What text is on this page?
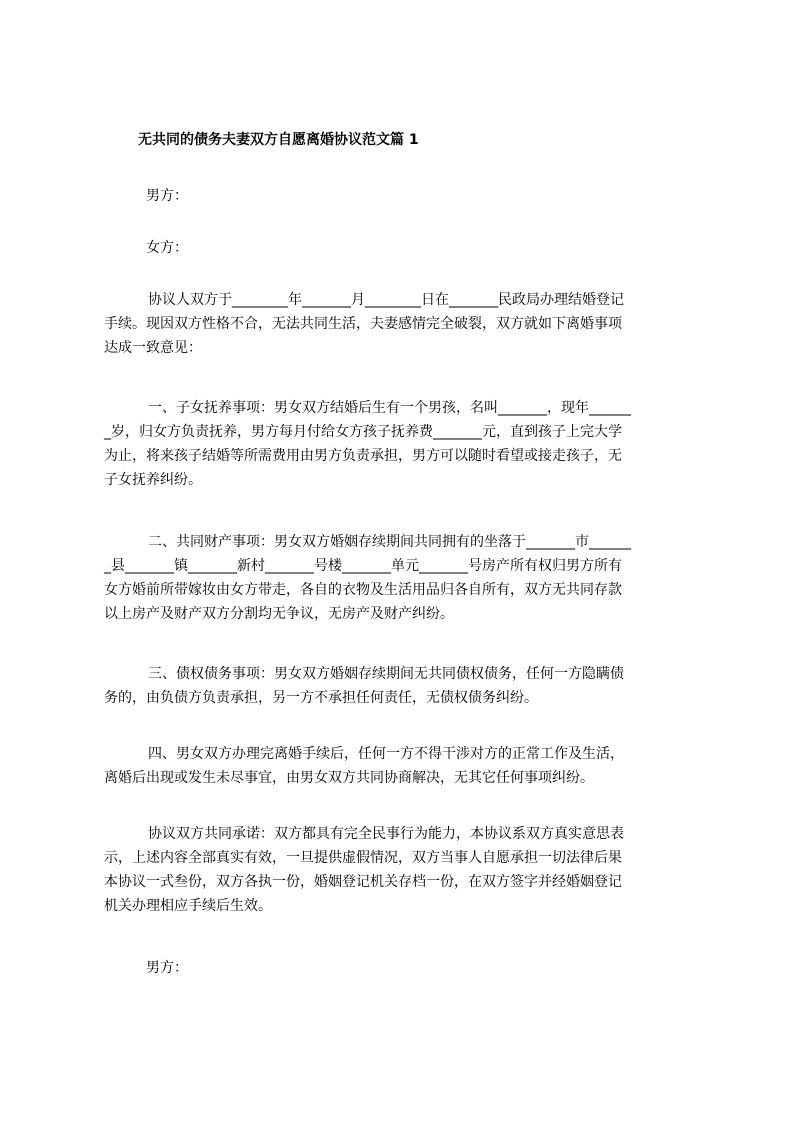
无共同的债务夫妻双方自愿离婚协议范文篇 1
男方：
女方：
协议人双方于________年_______月________日在_______民政局办理结婚登记
手续。现因双方性格不合，无法共同生活，夫妻感情完全破裂，双方就如下离婚事项
达成一致意见：
一、子女抚养事项：男女双方结婚后生有一个男孩，名叫_______，现年______
_岁，归女方负责抚养，男方每月付给女方孩子抚养费_______元，直到孩子上完大学
为止，将来孩子结婚等所需费用由男方负责承担，男方可以随时看望或接走孩子，无
子女抚养纠纷。
二、共同财产事项：男女双方婚姻存续期间共同拥有的坐落于_______市______
_县_______镇_______新村_______号楼_______单元_______号房产所有权归男方所有
女方婚前所带嫁妆由女方带走，各自的衣物及生活用品归各自所有，双方无共同存款
以上房产及财产双方分割均无争议，无房产及财产纠纷。
三、债权债务事项：男女双方婚姻存续期间无共同债权债务，任何一方隐瞒债
务的，由负债方负责承担，另一方不承担任何责任，无债权债务纠纷。
四、男女双方办理完离婚手续后，任何一方不得干涉对方的正常工作及生活，
离婚后出现或发生未尽事宜，由男女双方共同协商解决，无其它任何事项纠纷。
协议双方共同承诺：双方都具有完全民事行为能力，本协议系双方真实意思表
示，上述内容全部真实有效，一旦提供虚假情况，双方当事人自愿承担一切法律后果
本协议一式叁份，双方各执一份，婚姻登记机关存档一份，在双方签字并经婚姻登记
机关办理相应手续后生效。
男方：
